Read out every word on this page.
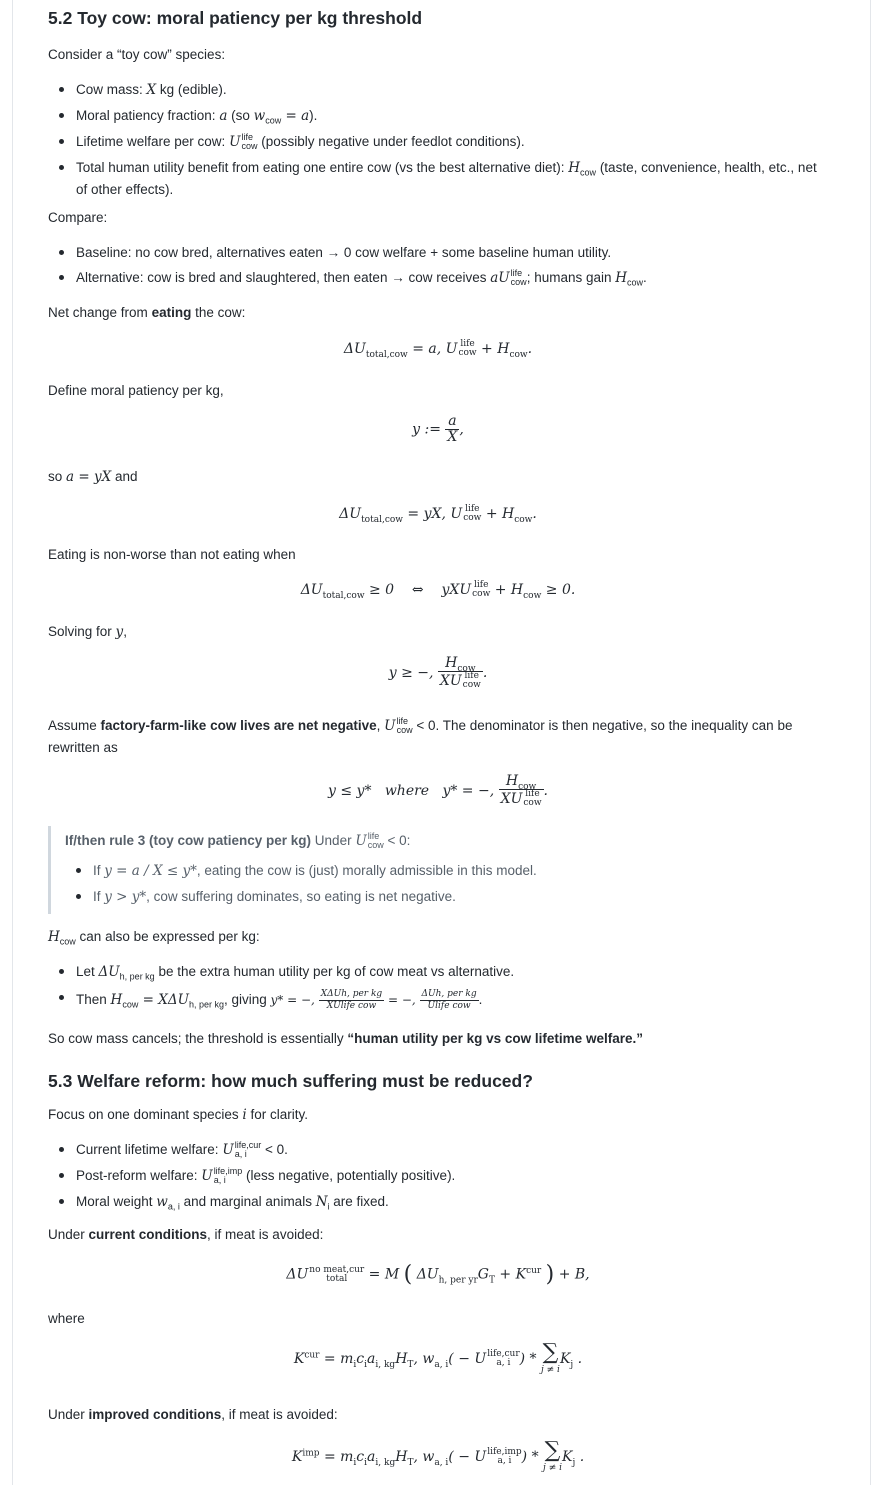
5.2 Toy cow: moral patiency per kg threshold

Consider a “toy cow” species:

Cow mass: X kg (edible).
Moral patiency fraction: a (so $w_{cow} = a$).
Lifetime welfare per cow: U life
cow (possibly negative under feedlot conditions).
Total human utility benefit from eating one entire cow (vs the best alternative diet): $H_{cow}$ (taste, convenience, health, etc., net of other effects).

Compare:

Baseline: no cow bred, alternatives eaten → 0 cow welfare + some baseline human utility.
Alternative: cow is bred and slaughtered, then eaten → cow receives aU life
cow ; humans gain $H_{cow}$.

Net change from eating the cow:

$\Delta U_{total,cow} = a$, U life
cow + $H_{cow}$.

Define moral patiency per kg,

y := $\frac{a}{X}$ ,

so a = yX and

$\Delta U_{total,cow}$ = yX, U life
cow + $H_{cow}$.

Eating is non-worse than not eating when

$\Delta U_{total,cow} \ge 0$ ⇔ yXU life
cow + $H_{cow} \ge 0$.

Solving for y,

y ≥ −, $H_{cow}$
XU life
cow .

Assume factory-farm-like cow lives are net negative, U life
cow < 0. The denominator is then negative, so the inequality can be rewritten as

y ≤ y* where y* = −, $H_{cow}$
XU life
cow .
If/then rule 3 (toy cow patiency per kg) Under U life
cow < 0:
If y = a / X ≤ y*, eating the cow is (just) morally admissible in this model.
If y > y*, cow suffering dominates, so eating is net negative.

$H_{cow}$ can also be expressed per kg:

Let $\Delta U_{h, per kg}$ be the extra human utility per kg of cow meat vs alternative.
Then $H_{cow} = X\Delta U_{h, per kg}$, giving y* = −, $\frac{\text{XΔUh, per kg}}{\text{XUlife cow}}$ = −, $\frac{\text{ΔUh, per kg}}{\text{Ulife cow}}$ .

So cow mass cancels; the threshold is essentially “human utility per kg vs cow lifetime welfare.”

5.3 Welfare reform: how much suffering must be reduced?

Focus on one dominant species i for clarity.

Current lifetime welfare: U life,cur
a, i	< 0.
Post-reform welfare: U life,imp
a, i	(less negative, potentially positive).
Moral weight $w_{a, i}$ and marginal animals $N_i$ are fixed.

Under current conditions, if meat is avoided:

ΔU no meat,cur
total	= M ( $\Delta U_{h, per yr}G_T + K^{cur}$ ) + B,

where

$K^{cur} = m_ic_ia_{i, kg}H_T$, $w_{a, i}( - U$ life,cur
a, i ) * ∑
j ≠ i
$K_j$ .

Under improved conditions, if meat is avoided:

$K^{imp} = m_ic_ia_{i, kg}H_T$, $w_{a, i}( - U$ life,imp
a, i ) * ∑
j ≠ i
$K_j$ .
